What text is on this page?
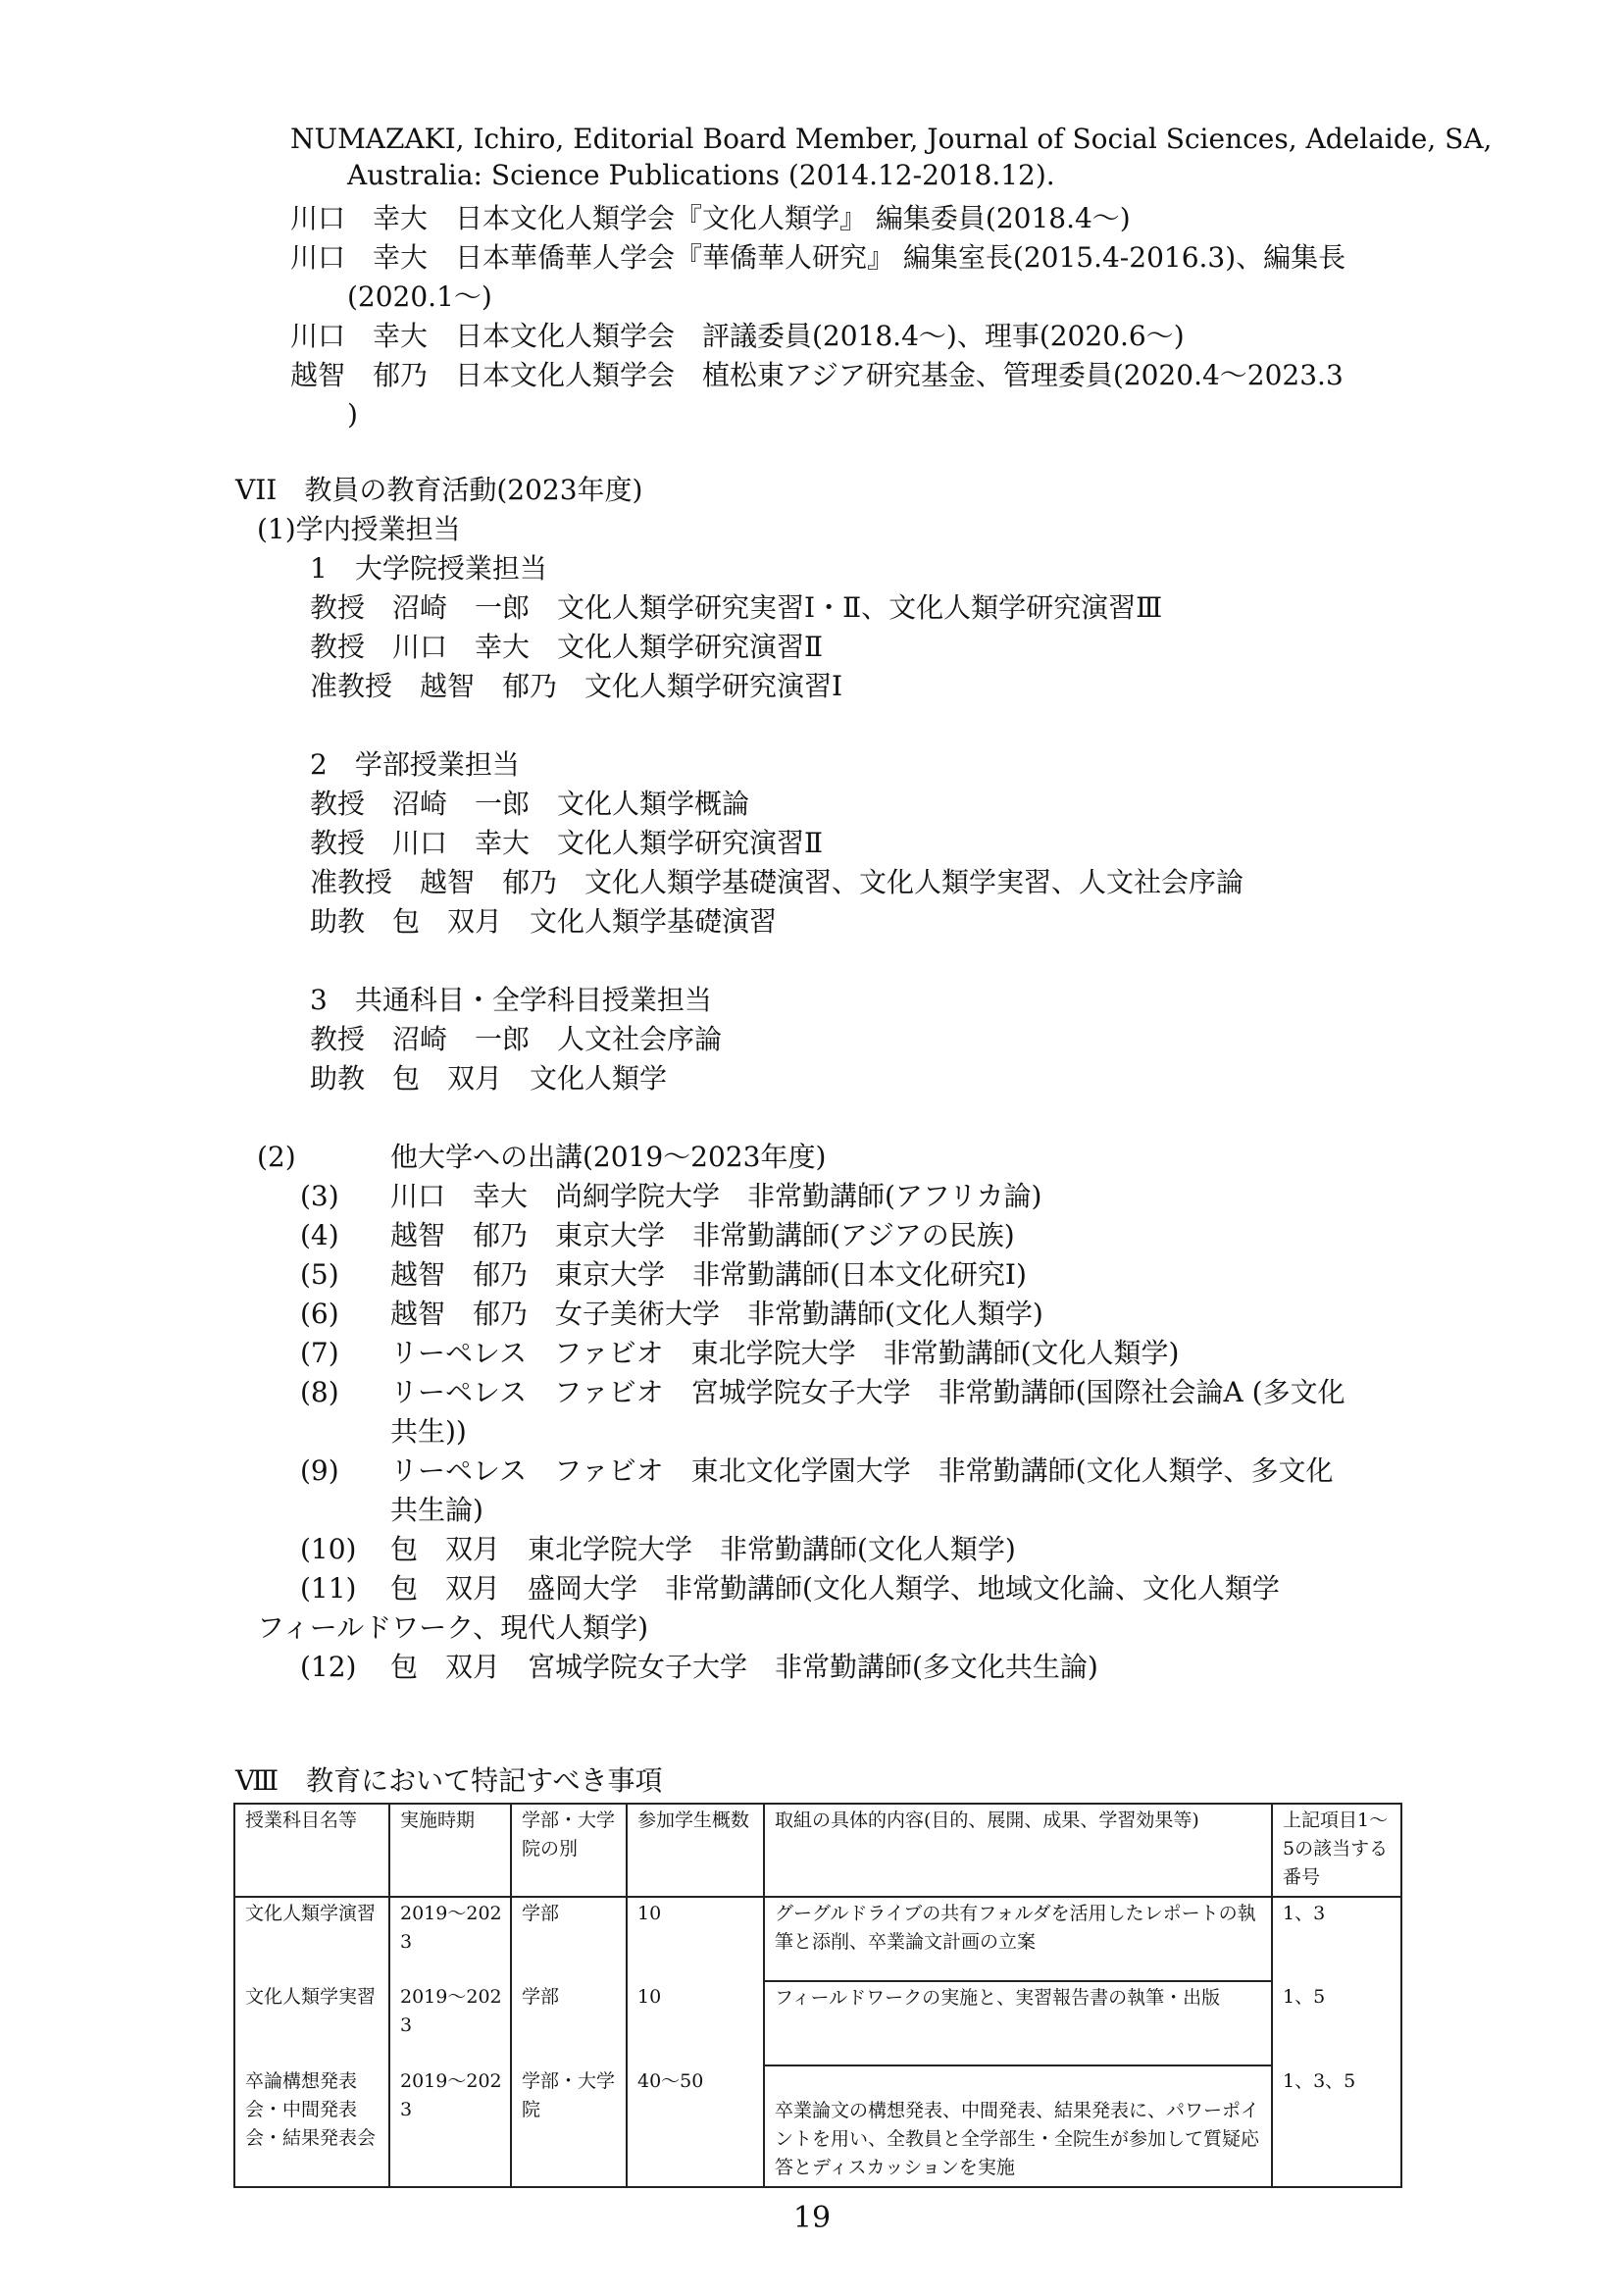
NUMAZAKI, Ichiro, Editorial Board Member, Journal of Social Sciences, Adelaide, SA,
Australia: Science Publications (2014.12-2018.12).
川口　幸大　日本文化人類学会『文化人類学』 編集委員(2018.4～)
川口　幸大　日本華僑華人学会『華僑華人研究』 編集室長(2015.4-2016.3)、編集長
(2020.1～)
川口　幸大　日本文化人類学会　評議委員(2018.4～)、理事(2020.6～)
越智　郁乃　日本文化人類学会　植松東アジア研究基金、管理委員(2020.4～2023.3
)
VII　教員の教育活動(2023年度)
(1)学内授業担当
1　大学院授業担当
教授　沼崎　一郎　文化人類学研究実習Ⅰ・Ⅱ、文化人類学研究演習Ⅲ
教授　川口　幸大　文化人類学研究演習Ⅱ
准教授　越智　郁乃　文化人類学研究演習Ⅰ
2　学部授業担当
教授　沼崎　一郎　文化人類学概論
教授　川口　幸大　文化人類学研究演習Ⅱ
准教授　越智　郁乃　文化人類学基礎演習、文化人類学実習、人文社会序論
助教　包　双月　文化人類学基礎演習
3　共通科目・全学科目授業担当
教授　沼崎　一郎　人文社会序論
助教　包　双月　文化人類学
(2)	他大学への出講(2019～2023年度)
(3) 川口　幸大　尚絅学院大学　非常勤講師(アフリカ論)
(4) 越智　郁乃　東京大学　非常勤講師(アジアの民族)
(5) 越智　郁乃　東京大学　非常勤講師(日本文化研究I)
(6) 越智　郁乃　女子美術大学　非常勤講師(文化人類学)
(7) リーペレス　ファビオ　東北学院大学　非常勤講師(文化人類学)
(8) リーペレス　ファビオ　宮城学院女子大学　非常勤講師(国際社会論A (多文化
共生))
(9) リーペレス　ファビオ　東北文化学園大学　非常勤講師(文化人類学、多文化
共生論)
(10) 包　双月　東北学院大学　非常勤講師(文化人類学)
(11) 包　双月　盛岡大学　非常勤講師(文化人類学、地域文化論、文化人類学
フィールドワーク、現代人類学)
(12) 包　双月　宮城学院女子大学　非常勤講師(多文化共生論)
Ⅷ　教育において特記すべき事項
授業科目名等	実施時期	学部・大学院の別	参加学生概数	取組の具体的内容(目的、展開、成果、学習効果等)	上記項目1～5の該当する番号
文化人類学演習	2019～2023	学部	10	グーグルドライブの共有フォルダを活用したレポートの執筆と添削、卒業論文計画の立案	1、3
文化人類学実習	2019～2023	学部	10	フィールドワークの実施と、実習報告書の執筆・出版	1、5
卒論構想発表会・中間発表会・結果発表会	2019～2023	学部・大学院	40～50	卒業論文の構想発表、中間発表、結果発表に、パワーポイントを用い、全教員と全学部生・全院生が参加して質疑応答とディスカッションを実施	1、3、5
19
